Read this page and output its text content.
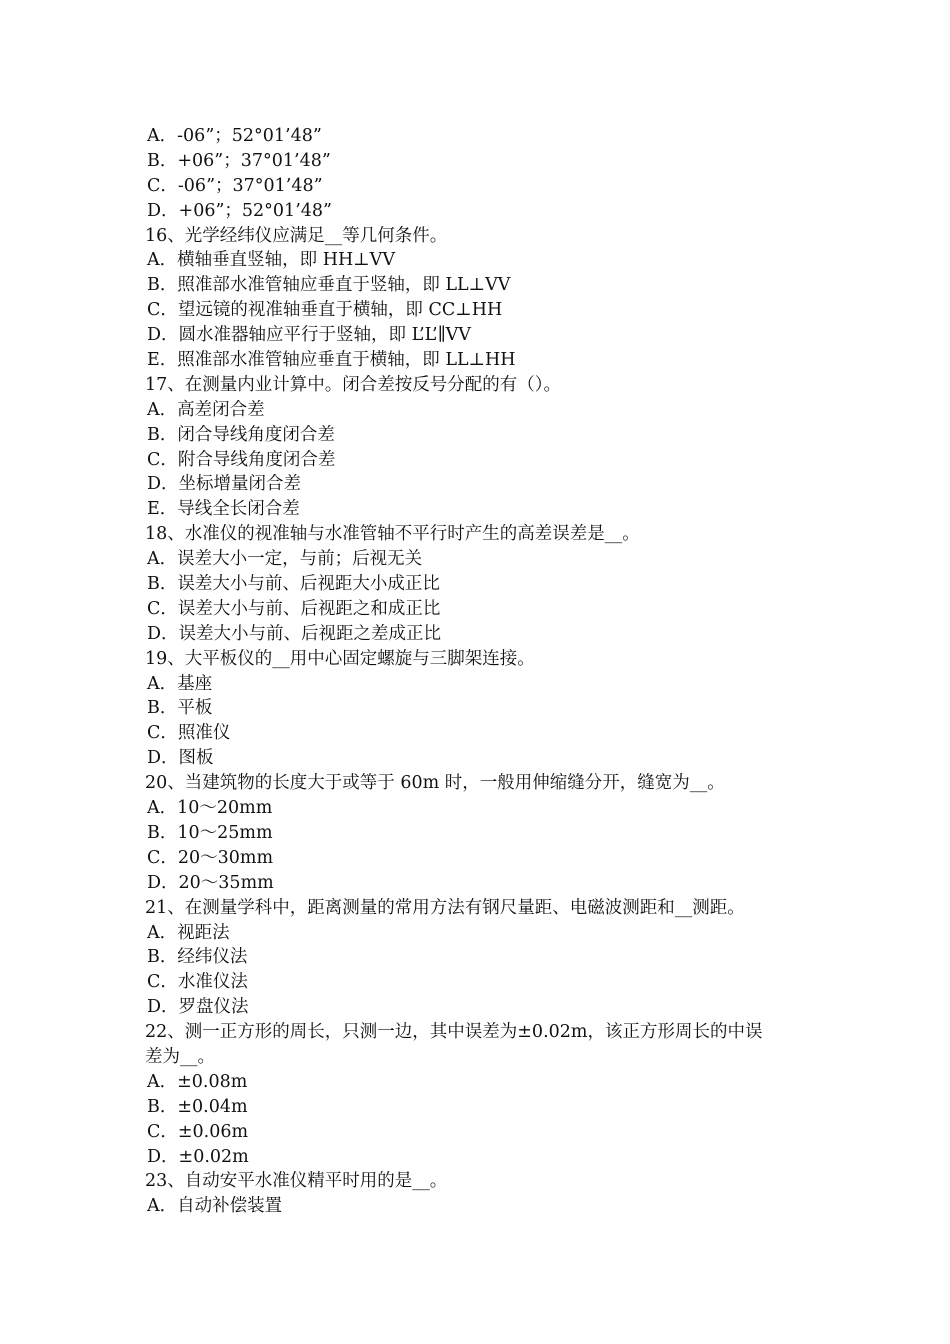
A．-06”；52°01’48”
B．+06”；37°01’48”
C．-06”；37°01’48”
D．+06”；52°01’48”
16、光学经纬仪应满足__等几何条件。
A．横轴垂直竖轴，即 HH⊥VV
B．照准部水准管轴应垂直于竖轴，即 LL⊥VV
C．望远镜的视准轴垂直于横轴，即 CC⊥HH
D．圆水准器轴应平行于竖轴，即 L’L’∥VV
E．照准部水准管轴应垂直于横轴，即 LL⊥HH
17、在测量内业计算中。闭合差按反号分配的有（）。
A．高差闭合差
B．闭合导线角度闭合差
C．附合导线角度闭合差
D．坐标增量闭合差
E．导线全长闭合差
18、水准仪的视准轴与水准管轴不平行时产生的高差误差是__。
A．误差大小一定，与前；后视无关
B．误差大小与前、后视距大小成正比
C．误差大小与前、后视距之和成正比
D．误差大小与前、后视距之差成正比
19、大平板仪的__用中心固定螺旋与三脚架连接。
A．基座
B．平板
C．照准仪
D．图板
20、当建筑物的长度大于或等于 60m 时，一般用伸缩缝分开，缝宽为__。
A．10～20mm
B．10～25mm
C．20～30mm
D．20～35mm
21、在测量学科中，距离测量的常用方法有钢尺量距、电磁波测距和__测距。
A．视距法
B．经纬仪法
C．水准仪法
D．罗盘仪法
22、测一正方形的周长，只测一边，其中误差为±0.02m，该正方形周长的中误
差为__。
A．±0.08m
B．±0.04m
C．±0.06m
D．±0.02m
23、自动安平水准仪精平时用的是__。
A．自动补偿装置
